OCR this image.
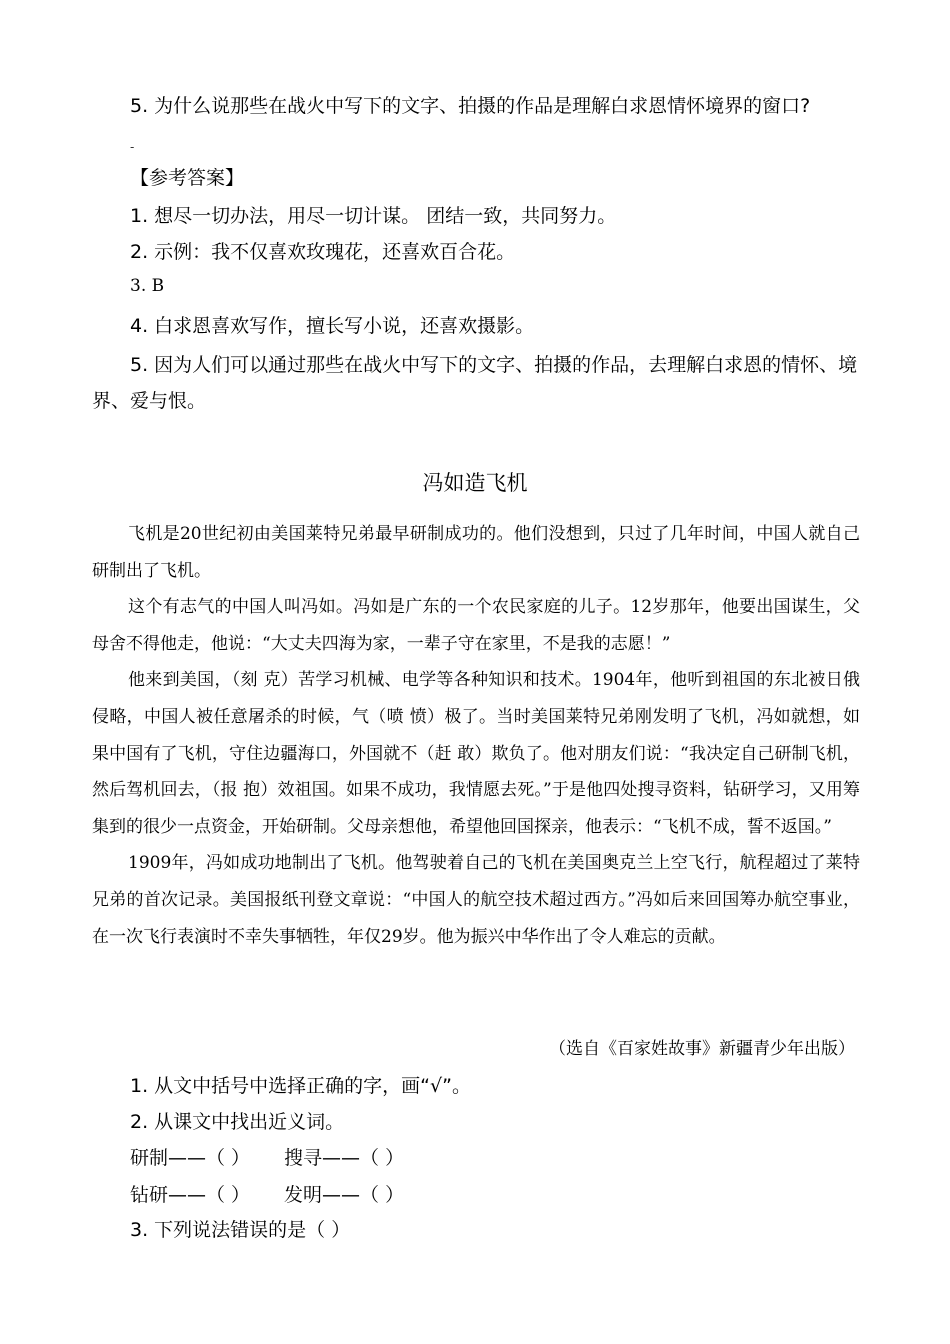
5. 为什么说那些在战火中写下的文字、拍摄的作品是理解白求恩情怀境界的窗口?
-
【参考答案】
1. 想尽一切办法，用尽一切计谋。 团结一致，共同努力。
2. 示例：我不仅喜欢玫瑰花，还喜欢百合花。
3. B
4. 白求恩喜欢写作，擅长写小说，还喜欢摄影。
5. 因为人们可以通过那些在战火中写下的文字、拍摄的作品，去理解白求恩的情怀、境界、爱与恨。
冯如造飞机

飞机是20世纪初由美国莱特兄弟最早研制成功的。他们没想到，只过了几年时间，中国人就自己研制出了飞机。

这个有志气的中国人叫冯如。冯如是广东的一个农民家庭的儿子。12岁那年，他要出国谋生，父母舍不得他走，他说：“大丈夫四海为家，一辈子守在家里，不是我的志愿！”

他来到美国，（刻 克）苦学习机械、电学等各种知识和技术。1904年，他听到祖国的东北被日俄侵略，中国人被任意屠杀的时候，气（喷 愤）极了。当时美国莱特兄弟刚发明了飞机，冯如就想，如果中国有了飞机，守住边疆海口，外国就不（赶 敢）欺负了。他对朋友们说：“我决定自己研制飞机，然后驾机回去，（报 抱）效祖国。如果不成功，我情愿去死。”于是他四处搜寻资料，钻研学习，又用筹集到的很少一点资金，开始研制。父母亲想他，希望他回国探亲，他表示：“飞机不成，誓不返国。”

1909年，冯如成功地制出了飞机。他驾驶着自己的飞机在美国奥克兰上空飞行，航程超过了莱特兄弟的首次记录。美国报纸刊登文章说：“中国人的航空技术超过西方。”冯如后来回国筹办航空事业，在一次飞行表演时不幸失事牺牲，年仅29岁。他为振兴中华作出了令人难忘的贡献。

（选自《百家姓故事》新疆青少年出版）
1. 从文中括号中选择正确的字，画“√”。
2. 从课文中找出近义词。
研制——（ ） 搜寻——（ ）
钻研——（ ） 发明——（ ）
3. 下列说法错误的是（ ）
